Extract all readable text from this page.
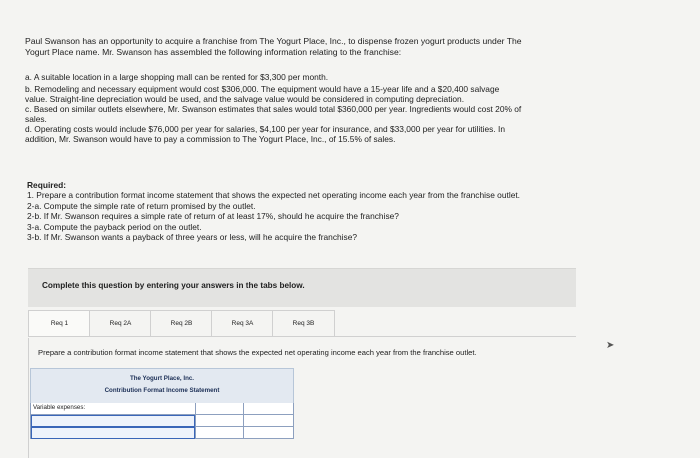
Paul Swanson has an opportunity to acquire a franchise from The Yogurt Place, Inc., to dispense frozen yogurt products under The

Yogurt Place name. Mr. Swanson has assembled the following information relating to the franchise:

a. A suitable location in a large shopping mall can be rented for $3,300 per month.
b. Remodeling and necessary equipment would cost $306,000. The equipment would have a 15-year life and a $20,400 salvage
value. Straight-line depreciation would be used, and the salvage value would be considered in computing depreciation.
c. Based on similar outlets elsewhere, Mr. Swanson estimates that sales would total $360,000 per year. Ingredients would cost 20% of
sales.
d. Operating costs would include $76,000 per year for salaries, $4,100 per year for insurance, and $33,000 per year for utilities. In
addition, Mr. Swanson would have to pay a commission to The Yogurt Place, Inc., of 15.5% of sales.
Required:
1. Prepare a contribution format income statement that shows the expected net operating income each year from the franchise outlet.
2-a. Compute the simple rate of return promised by the outlet.
2-b. If Mr. Swanson requires a simple rate of return of at least 17%, should he acquire the franchise?
3-a. Compute the payback period on the outlet.
3-b. If Mr. Swanson wants a payback of three years or less, will he acquire the franchise?
Complete this question by entering your answers in the tabs below.
Req 1	Req 2A	Req 2B	Req 3A	Req 3B
Prepare a contribution format income statement that shows the expected net operating income each year from the franchise outlet.
➤
The Yogurt Place, Inc.
Contribution Format Income Statement
Variable expenses:
